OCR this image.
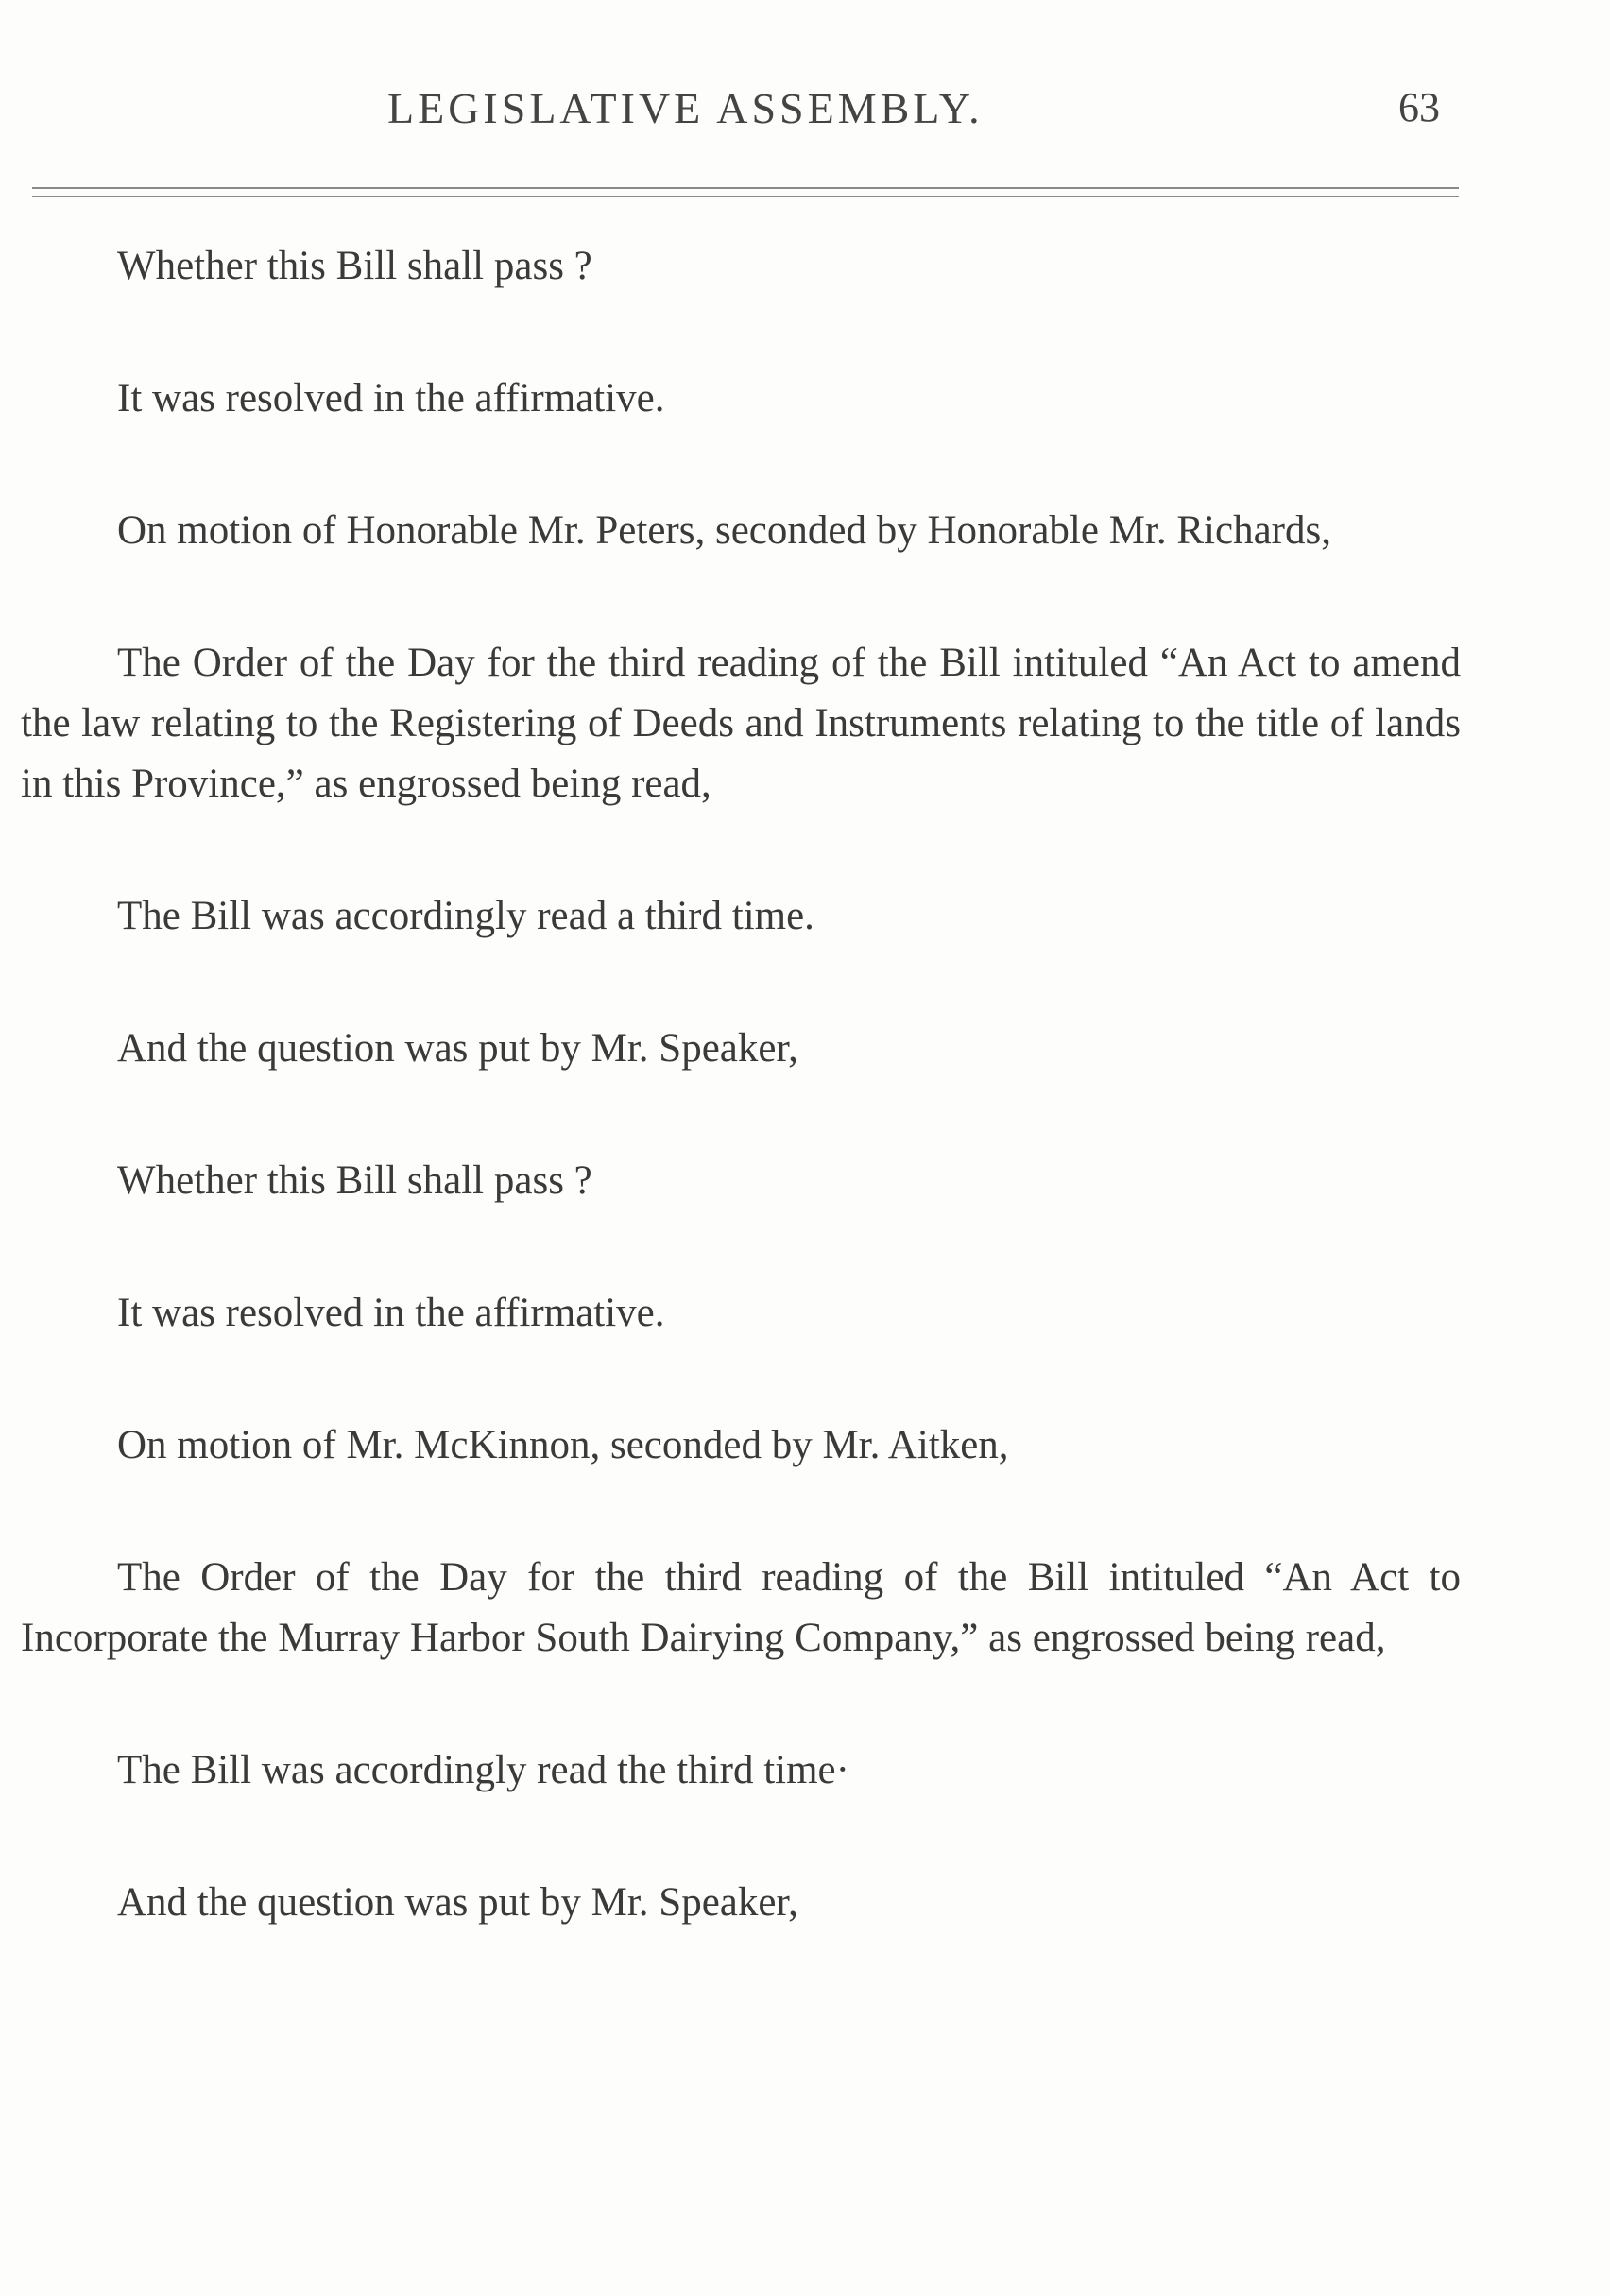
LEGISLATIVE ASSEMBLY.	63

Whether this Bill shall pass ?

It was resolved in the affirmative.

On motion of Honorable Mr. Peters, seconded by Honorable Mr. Richards,

The Order of the Day for the third reading of the Bill intituled “An Act to amend the law relating to the Registering of Deeds and Instruments relating to the title of lands in this Province,” as engrossed being read,

The Bill was accordingly read a third time.

And the question was put by Mr. Speaker,

Whether this Bill shall pass ?

It was resolved in the affirmative.

On motion of Mr. McKinnon, seconded by Mr. Aitken,

The Order of the Day for the third reading of the Bill intituled “An Act to Incorporate the Murray Harbor South Dairying Company,” as engrossed being read,

The Bill was accordingly read the third time·

And the question was put by Mr. Speaker,
